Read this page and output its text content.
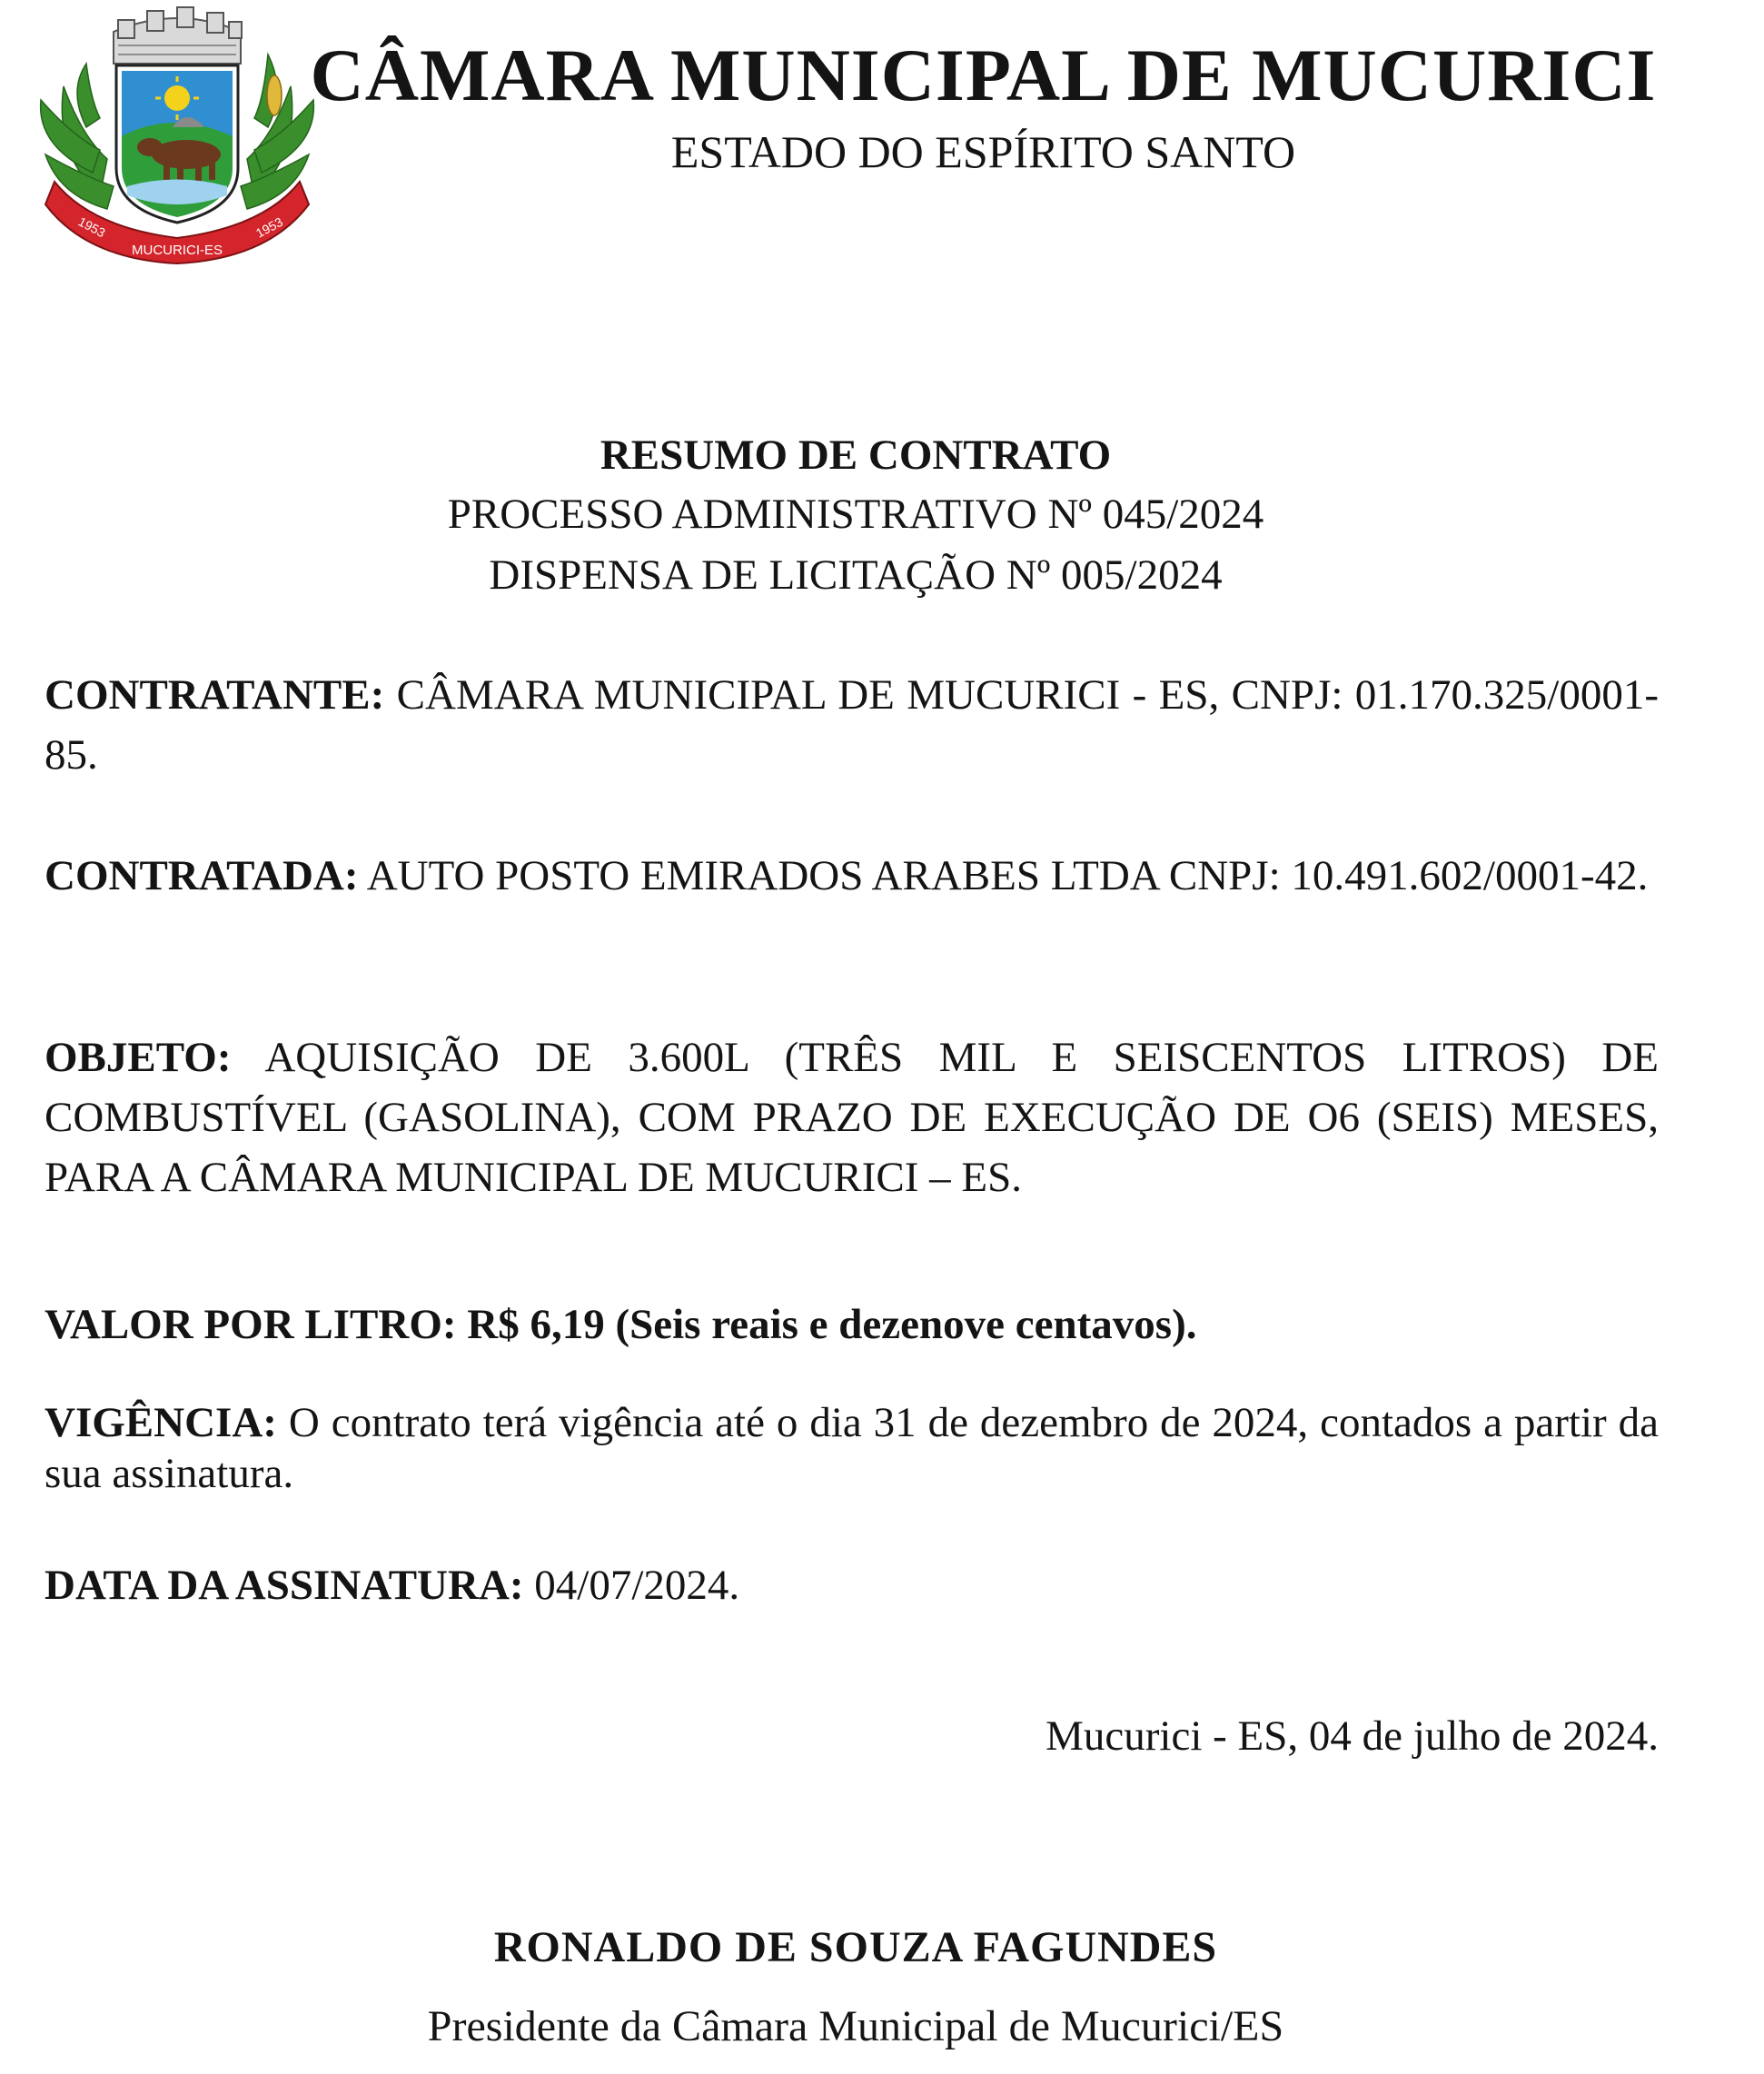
1953
MUCURICI-ES
1953
CÂMARA MUNICIPAL DE MUCURICI
ESTADO DO ESPÍRITO SANTO
RESUMO DE CONTRATO
PROCESSO ADMINISTRATIVO Nº 045/2024
DISPENSA DE LICITAÇÃO Nº 005/2024
CONTRATANTE: CÂMARA MUNICIPAL DE MUCURICI - ES, CNPJ: 01.170.325/0001-85.
CONTRATADA: AUTO POSTO EMIRADOS ARABES LTDA CNPJ: 10.491.602/0001-42.
OBJETO: AQUISIÇÃO DE 3.600L (TRÊS MIL E SEISCENTOS LITROS) DE COMBUSTÍVEL (GASOLINA), COM PRAZO DE EXECUÇÃO DE O6 (SEIS) MESES, PARA A CÂMARA MUNICIPAL DE MUCURICI – ES.
VALOR POR LITRO: R$ 6,19 (Seis reais e dezenove centavos).
VIGÊNCIA: O contrato terá vigência até o dia 31 de dezembro de 2024, contados a partir da sua assinatura.
DATA DA ASSINATURA: 04/07/2024.
Mucurici - ES, 04 de julho de 2024.
RONALDO DE SOUZA FAGUNDES
Presidente da Câmara Municipal de Mucurici/ES
